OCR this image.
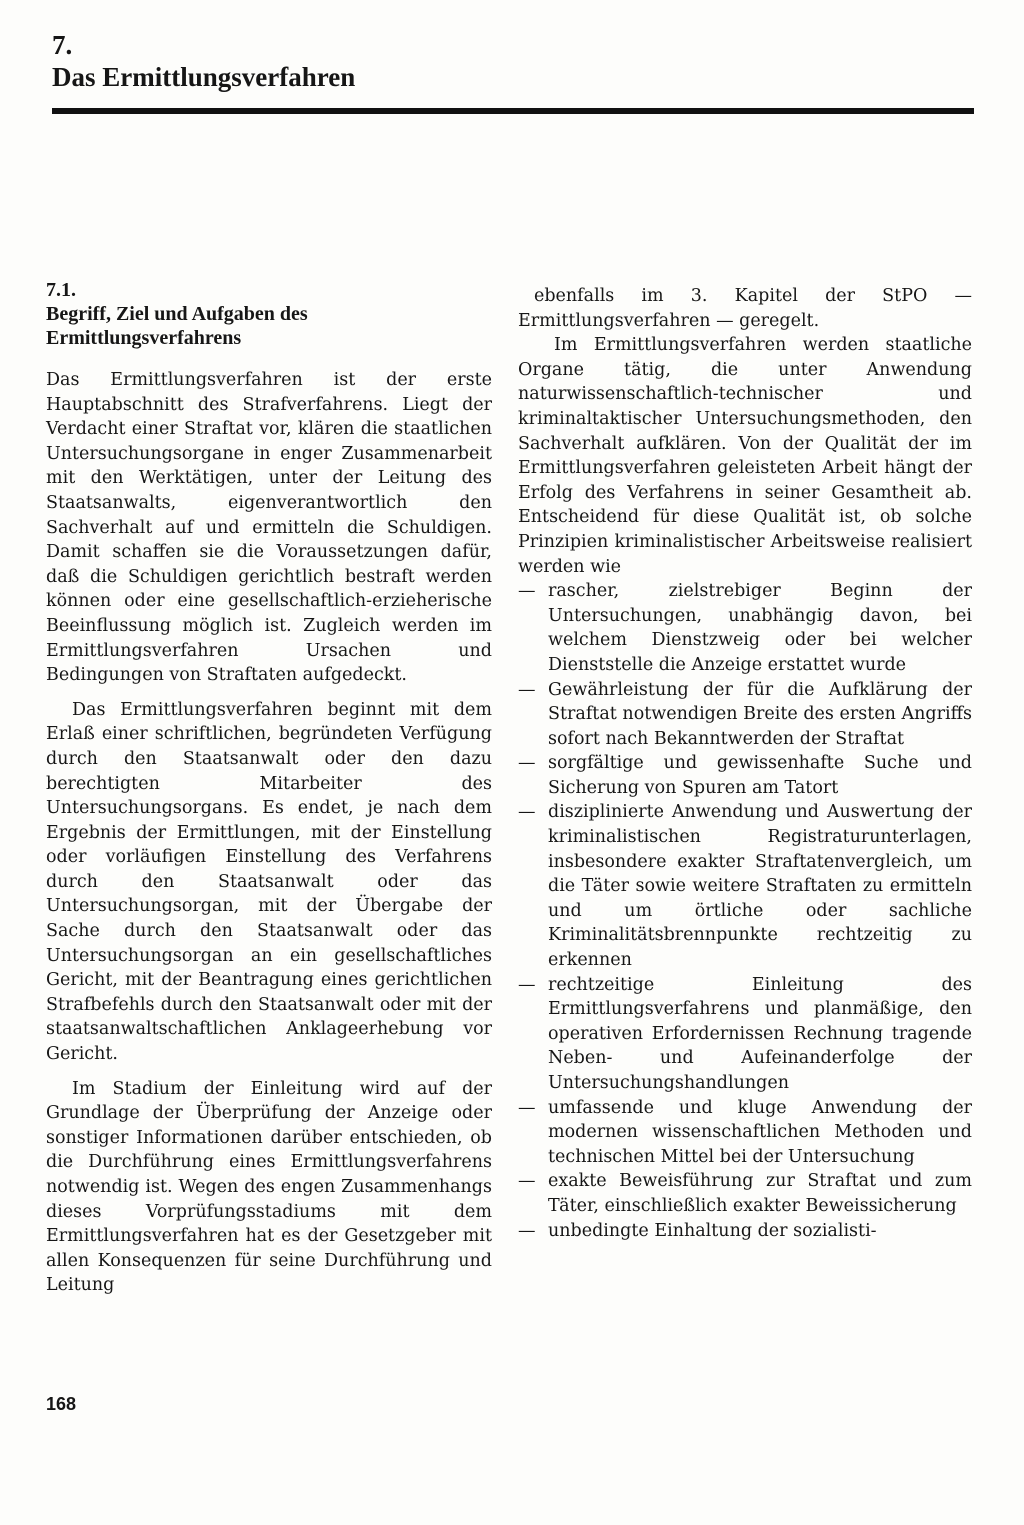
7.
Das Ermittlungsverfahren
7.1.
Begriff, Ziel und Aufgaben des Ermittlungsverfahrens

Das Ermittlungsverfahren ist der erste Hauptabschnitt des Strafverfahrens. Liegt der Verdacht einer Straftat vor, klären die staatlichen Untersuchungsorgane in enger Zusammenarbeit mit den Werktätigen, unter der Leitung des Staatsanwalts, eigenverantwortlich den Sachverhalt auf und ermitteln die Schuldigen. Damit schaffen sie die Voraussetzungen dafür, daß die Schuldigen gerichtlich bestraft werden können oder eine gesellschaftlich-erzieherische Beeinflussung möglich ist. Zugleich werden im Ermittlungsverfahren Ursachen und Bedingungen von Straftaten aufgedeckt.

Das Ermittlungsverfahren beginnt mit dem Erlaß einer schriftlichen, begründeten Verfügung durch den Staatsanwalt oder den dazu berechtigten Mitarbeiter des Untersuchungsorgans. Es endet, je nach dem Ergebnis der Ermittlungen, mit der Einstellung oder vorläufigen Einstellung des Verfahrens durch den Staatsanwalt oder das Untersuchungsorgan, mit der Übergabe der Sache durch den Staatsanwalt oder das Untersuchungsorgan an ein gesellschaftliches Gericht, mit der Beantragung eines gerichtlichen Strafbefehls durch den Staatsanwalt oder mit der staatsanwaltschaftlichen Anklageerhebung vor Gericht.

Im Stadium der Einleitung wird auf der Grundlage der Überprüfung der Anzeige oder sonstiger Informationen darüber entschieden, ob die Durchführung eines Ermittlungsverfahrens notwendig ist. Wegen des engen Zusammenhangs dieses Vorprüfungsstadiums mit dem Ermittlungsverfahren hat es der Gesetzgeber mit allen Konsequenzen für seine Durchführung und Leitung

ebenfalls im 3. Kapitel der StPO — Ermittlungsverfahren — geregelt.

Im Ermittlungsverfahren werden staatliche Organe tätig, die unter Anwendung naturwissenschaftlich-technischer und kriminaltaktischer Untersuchungsmethoden, den Sachverhalt aufklären. Von der Qualität der im Ermittlungsverfahren geleisteten Arbeit hängt der Erfolg des Verfahrens in seiner Gesamtheit ab. Entscheidend für diese Qualität ist, ob solche Prinzipien kriminalistischer Arbeitsweise realisiert werden wie

— rascher, zielstrebiger Beginn der Untersuchungen, unabhängig davon, bei welchem Dienstzweig oder bei welcher Dienststelle die Anzeige erstattet wurde
— Gewährleistung der für die Aufklärung der Straftat notwendigen Breite des ersten Angriffs sofort nach Bekanntwerden der Straftat
— sorgfältige und gewissenhafte Suche und Sicherung von Spuren am Tatort
— disziplinierte Anwendung und Auswertung der kriminalistischen Registraturunterlagen, insbesondere exakter Straftatenvergleich, um die Täter sowie weitere Straftaten zu ermitteln und um örtliche oder sachliche Kriminalitätsbrennpunkte rechtzeitig zu erkennen
— rechtzeitige Einleitung des Ermittlungsverfahrens und planmäßige, den operativen Erfordernissen Rechnung tragende Neben- und Aufeinanderfolge der Untersuchungshandlungen
— umfassende und kluge Anwendung der modernen wissenschaftlichen Methoden und technischen Mittel bei der Untersuchung
— exakte Beweisführung zur Straftat und zum Täter, einschließlich exakter Beweissicherung
— unbedingte Einhaltung der sozialisti-
168
